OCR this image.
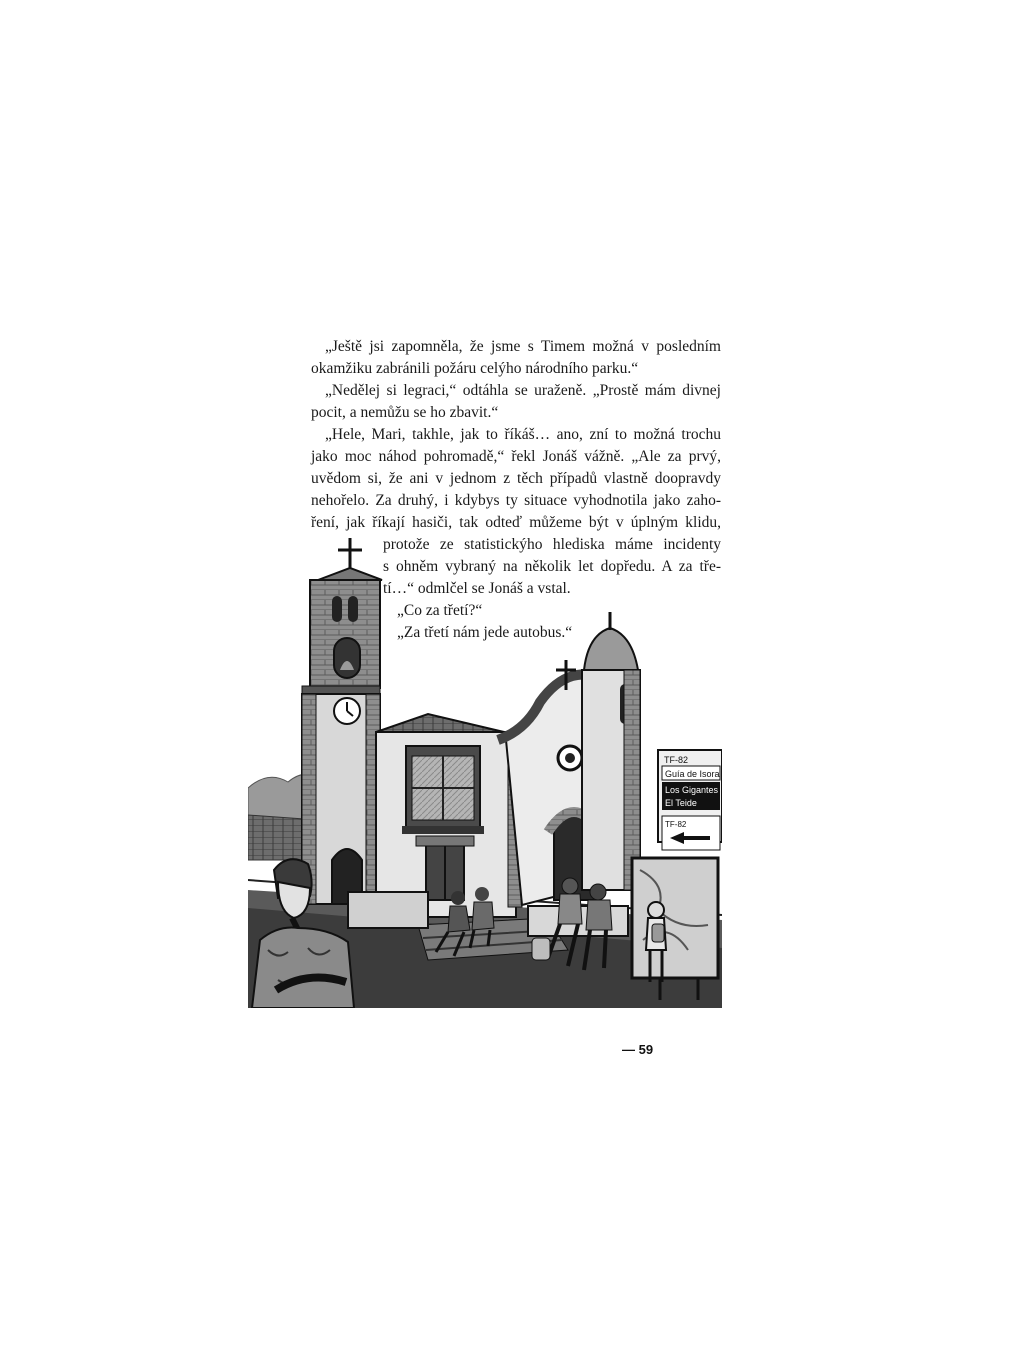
„Ještě jsi zapomněla, že jsme s Timem možná v posledním
okamžiku zabránili požáru celýho národního parku.“
„Nedělej si legraci,“ odtáhla se uraženě. „Prostě mám divnej
pocit, a nemůžu se ho zbavit.“
„Hele, Mari, takhle, jak to říkáš… ano, zní to možná trochu
jako moc náhod pohromadě,“ řekl Jonáš vážně. „Ale za prvý,
uvědom si, že ani v jednom z těch případů vlastně doopravdy
nehořelo. Za druhý, i kdybys ty situace vyhodnotila jako zaho-
ření, jak říkají hasiči, tak odteď můžeme být v úplným klidu,
protože ze statistickýho hlediska máme incidenty
s ohněm vybraný na několik let dopředu. A za tře-
tí…“ odmlčel se Jonáš a vstal.
„Co za třetí?“
„Za třetí nám jede autobus.“
TF-82
Guía de Isora
Los Gigantes
El Teide
TF-82
— 59
